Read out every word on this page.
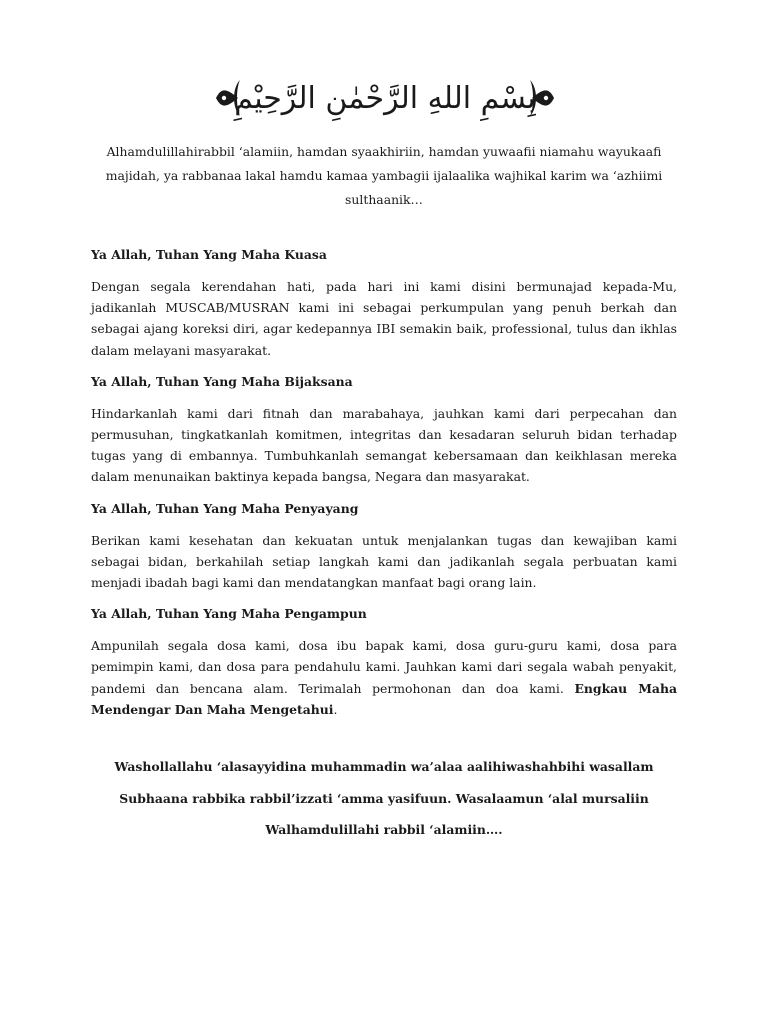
بِسْمِ اللهِ الرَّحْمٰنِ الرَّحِيْمِ
Alhamdulillahirabbil ‘alamiin, hamdan syaakhiriin, hamdan yuwaafii niamahu wayukaafi majidah, ya rabbanaa lakal hamdu kamaa yambagii ijalaalika wajhikal karim wa ‘azhiimi sulthaanik…
Ya Allah, Tuhan Yang Maha Kuasa
Dengan segala kerendahan hati, pada hari ini kami disini bermunajad kepada-Mu, jadikanlah MUSCAB/MUSRAN kami ini sebagai perkumpulan yang penuh berkah dan sebagai ajang koreksi diri, agar kedepannya IBI semakin baik, professional, tulus dan ikhlas dalam melayani masyarakat.
Ya Allah, Tuhan Yang Maha Bijaksana
Hindarkanlah kami dari fitnah dan marabahaya, jauhkan kami dari perpecahan dan permusuhan, tingkatkanlah komitmen, integritas dan kesadaran seluruh bidan terhadap tugas yang di embannya. Tumbuhkanlah semangat kebersamaan dan keikhlasan mereka dalam menunaikan baktinya kepada bangsa, Negara dan masyarakat.
Ya Allah, Tuhan Yang Maha Penyayang
Berikan kami kesehatan dan kekuatan untuk menjalankan tugas dan kewajiban kami sebagai bidan, berkahilah setiap langkah kami dan jadikanlah segala perbuatan kami menjadi ibadah bagi kami dan mendatangkan manfaat bagi orang lain.
Ya Allah, Tuhan Yang Maha Pengampun
Ampunilah segala dosa kami, dosa ibu bapak kami, dosa guru-guru kami, dosa para pemimpin kami, dan dosa para pendahulu kami. Jauhkan kami dari segala wabah penyakit, pandemi dan bencana alam. Terimalah permohonan dan doa kami. Engkau Maha Mendengar Dan Maha Mengetahui.
Washollallahu ‘alasayyidina muhammadin wa’alaa aalihiwashahbihi wasallam
Subhaana rabbika rabbil’izzati ‘amma yasifuun. Wasalaamun ‘alal mursaliin
Walhamdulillahi rabbil ‘alamiin….
